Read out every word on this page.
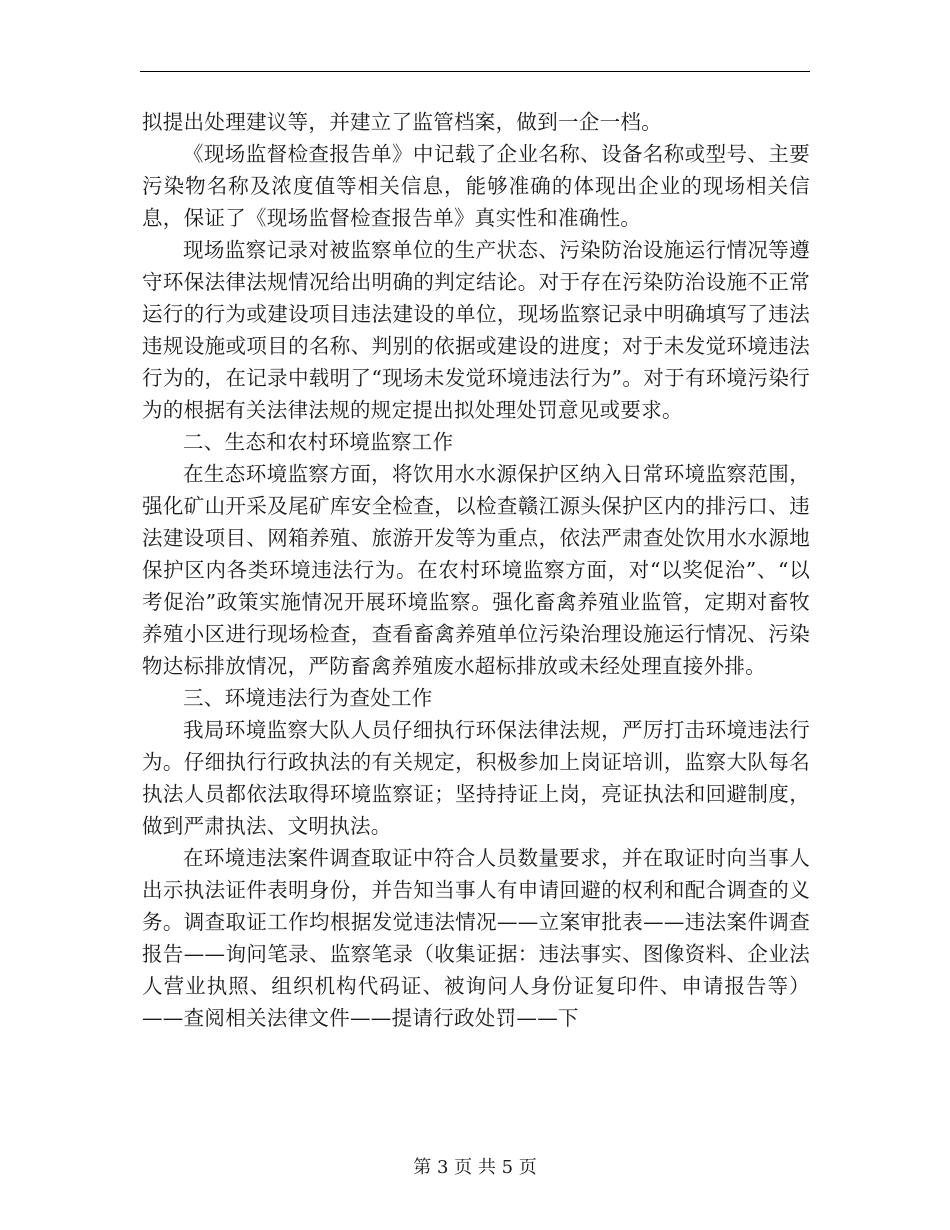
拟提出处理建议等，并建立了监管档案，做到一企一档。

《现场监督检查报告单》中记载了企业名称、设备名称或型号、主要污染物名称及浓度值等相关信息，能够准确的体现出企业的现场相关信息，保证了《现场监督检查报告单》真实性和准确性。

现场监察记录对被监察单位的生产状态、污染防治设施运行情况等遵守环保法律法规情况给出明确的判定结论。对于存在污染防治设施不正常运行的行为或建设项目违法建设的单位，现场监察记录中明确填写了违法违规设施或项目的名称、判别的依据或建设的进度；对于未发觉环境违法行为的，在记录中载明了“现场未发觉环境违法行为”。对于有环境污染行为的根据有关法律法规的规定提出拟处理处罚意见或要求。

二、生态和农村环境监察工作

在生态环境监察方面，将饮用水水源保护区纳入日常环境监察范围，强化矿山开采及尾矿库安全检查，以检查赣江源头保护区内的排污口、违法建设项目、网箱养殖、旅游开发等为重点，依法严肃查处饮用水水源地保护区内各类环境违法行为。在农村环境监察方面，对“以奖促治”、“以考促治”政策实施情况开展环境监察。强化畜禽养殖业监管，定期对畜牧养殖小区进行现场检查，查看畜禽养殖单位污染治理设施运行情况、污染物达标排放情况，严防畜禽养殖废水超标排放或未经处理直接外排。

三、环境违法行为查处工作

我局环境监察大队人员仔细执行环保法律法规，严厉打击环境违法行为。仔细执行行政执法的有关规定，积极参加上岗证培训，监察大队每名执法人员都依法取得环境监察证；坚持持证上岗，亮证执法和回避制度，做到严肃执法、文明执法。

在环境违法案件调查取证中符合人员数量要求，并在取证时向当事人出示执法证件表明身份，并告知当事人有申请回避的权利和配合调查的义务。调查取证工作均根据发觉违法情况——立案审批表——违法案件调查报告——询问笔录、监察笔录（收集证据：违法事实、图像资料、企业法人营业执照、组织机构代码证、被询问人身份证复印件、申请报告等）——查阅相关法律文件——提请行政处罚——下

第 3 页 共 5 页
